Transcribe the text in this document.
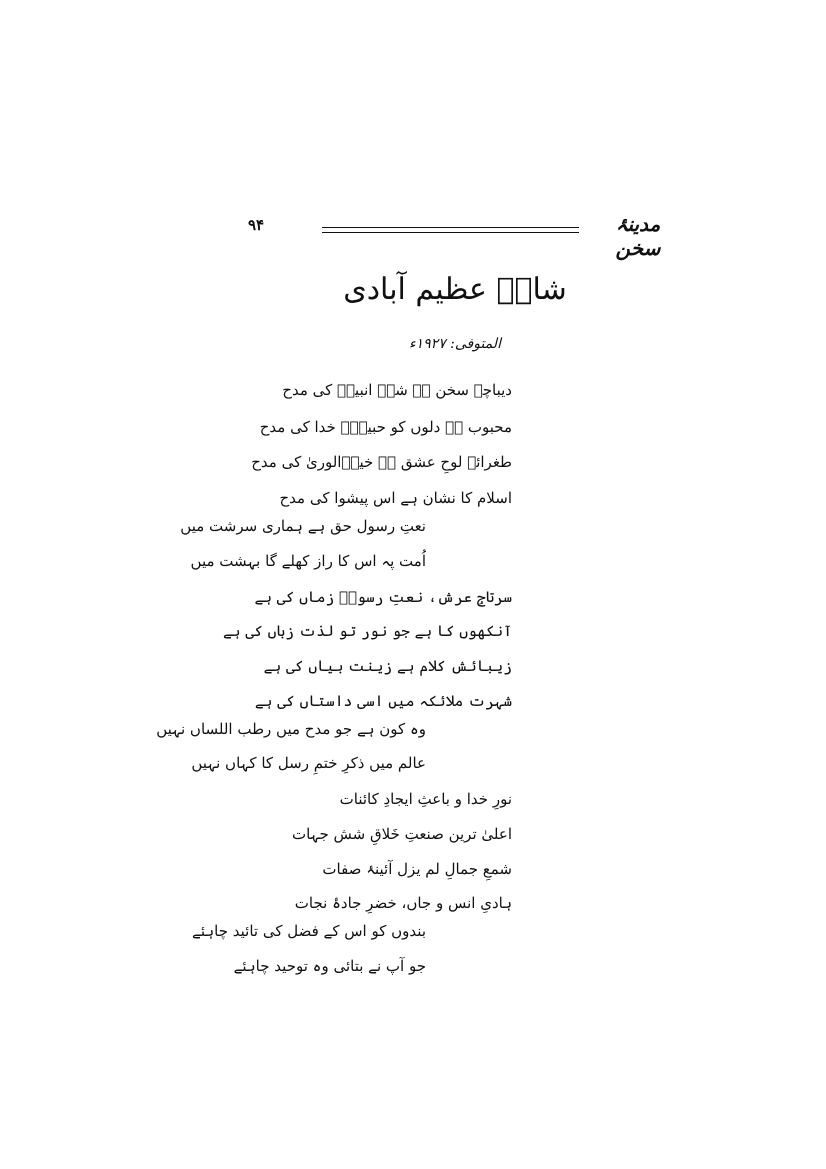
۹۴	مدینۂ سخن
شادؔ عظیم آبادی
المتوفی: ۱۹۲۷ء
دیباچۂ سخن ہے شہِ انبیاؐ کی مدح
محبوب ہے دلوں کو حبیبِؐ خدا کی مدح
طغرائے لوحِ عشق ہے خیرؐالوریٰ کی مدح
اسلام کا نشان ہے اس پیشوا کی مدح
نعتِ رسول حق ہے ہماری سرشت میں
اُمت پہ اس کا راز کھلے گا بہشت میں
سرتاجِ عرش، نعتِ رسولؐ زماں کی ہے
آنکھوں کا ہے جو نور تو لذت زباں کی ہے
زیبائش کلام ہے زینت بیاں کی ہے
شہرت ملائکہ میں اسی داستاں کی ہے
وہ کون ہے جو مدح میں رطب اللساں نہیں
عالم میں ذکرِ ختمِ رسل کا کہاں نہیں
نورِ خدا و باعثِ ایجادِ کائنات
اعلیٰ ترین صنعتِ خَلاقِ شش جہات
شمعِ جمالِ لم یزل آئینۂ صفات
ہادیِ انس و جاں، خضرِ جادۂ نجات
بندوں کو اس کے فضل کی تائید چاہئے
جو آپ نے بتائی وہ توحید چاہئے
